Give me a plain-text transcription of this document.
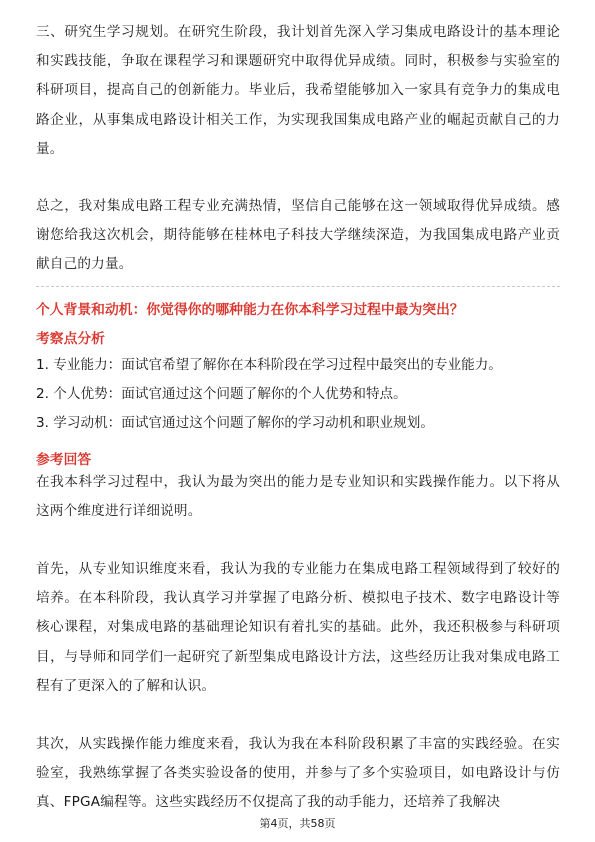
三、研究生学习规划。在研究生阶段，我计划首先深入学习集成电路设计的基本理论和实践技能，争取在课程学习和课题研究中取得优异成绩。同时，积极参与实验室的科研项目，提高自己的创新能力。毕业后，我希望能够加入一家具有竞争力的集成电路企业，从事集成电路设计相关工作，为实现我国集成电路产业的崛起贡献自己的力量。

总之，我对集成电路工程专业充满热情，坚信自己能够在这一领域取得优异成绩。感谢您给我这次机会，期待能够在桂林电子科技大学继续深造，为我国集成电路产业贡献自己的力量。

个人背景和动机：你觉得你的哪种能力在你本科学习过程中最为突出？

考察点分析

1. 专业能力：面试官希望了解你在本科阶段在学习过程中最突出的专业能力。

2. 个人优势：面试官通过这个问题了解你的个人优势和特点。

3. 学习动机：面试官通过这个问题了解你的学习动机和职业规划。

参考回答

在我本科学习过程中，我认为最为突出的能力是专业知识和实践操作能力。以下将从这两个维度进行详细说明。

首先，从专业知识维度来看，我认为我的专业能力在集成电路工程领域得到了较好的培养。在本科阶段，我认真学习并掌握了电路分析、模拟电子技术、数字电路设计等核心课程，对集成电路的基础理论知识有着扎实的基础。此外，我还积极参与科研项目，与导师和同学们一起研究了新型集成电路设计方法，这些经历让我对集成电路工程有了更深入的了解和认识。

其次，从实践操作能力维度来看，我认为我在本科阶段积累了丰富的实践经验。在实验室，我熟练掌握了各类实验设备的使用，并参与了多个实验项目，如电路设计与仿真、FPGA编程等。这些实践经历不仅提高了我的动手能力，还培养了我解决

第4页，共58页
